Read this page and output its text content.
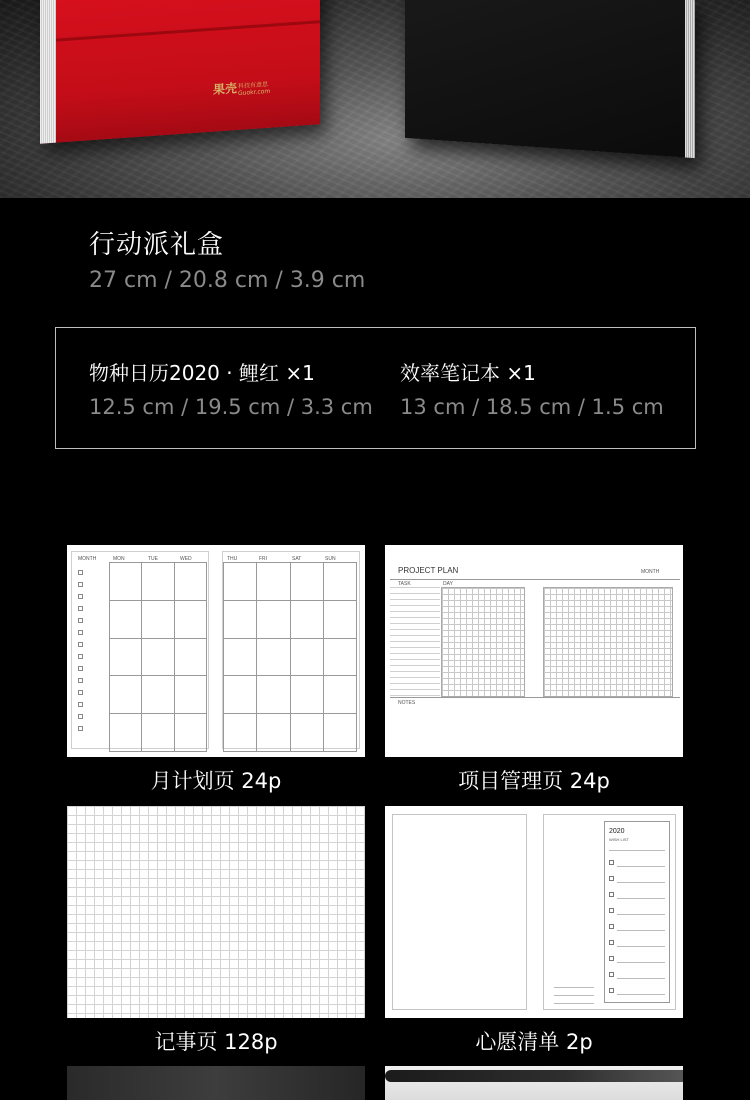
果壳 科技有意思
Guokr.com
行动派礼盒
27 cm / 20.8 cm / 3.9 cm
物种日历2020 · 鲤红 ×1
12.5 cm / 19.5 cm / 3.3 cm
效率笔记本 ×1
13 cm / 18.5 cm / 1.5 cm
MONTH	MON	TUE	WED	THU	FRI	SAT	SUN
月计划页 24p
PROJECT PLAN	MONTH
TASK	DAY
NOTES
项目管理页 24p
记事页 128p
2020
WISH LIST
心愿清单 2p
